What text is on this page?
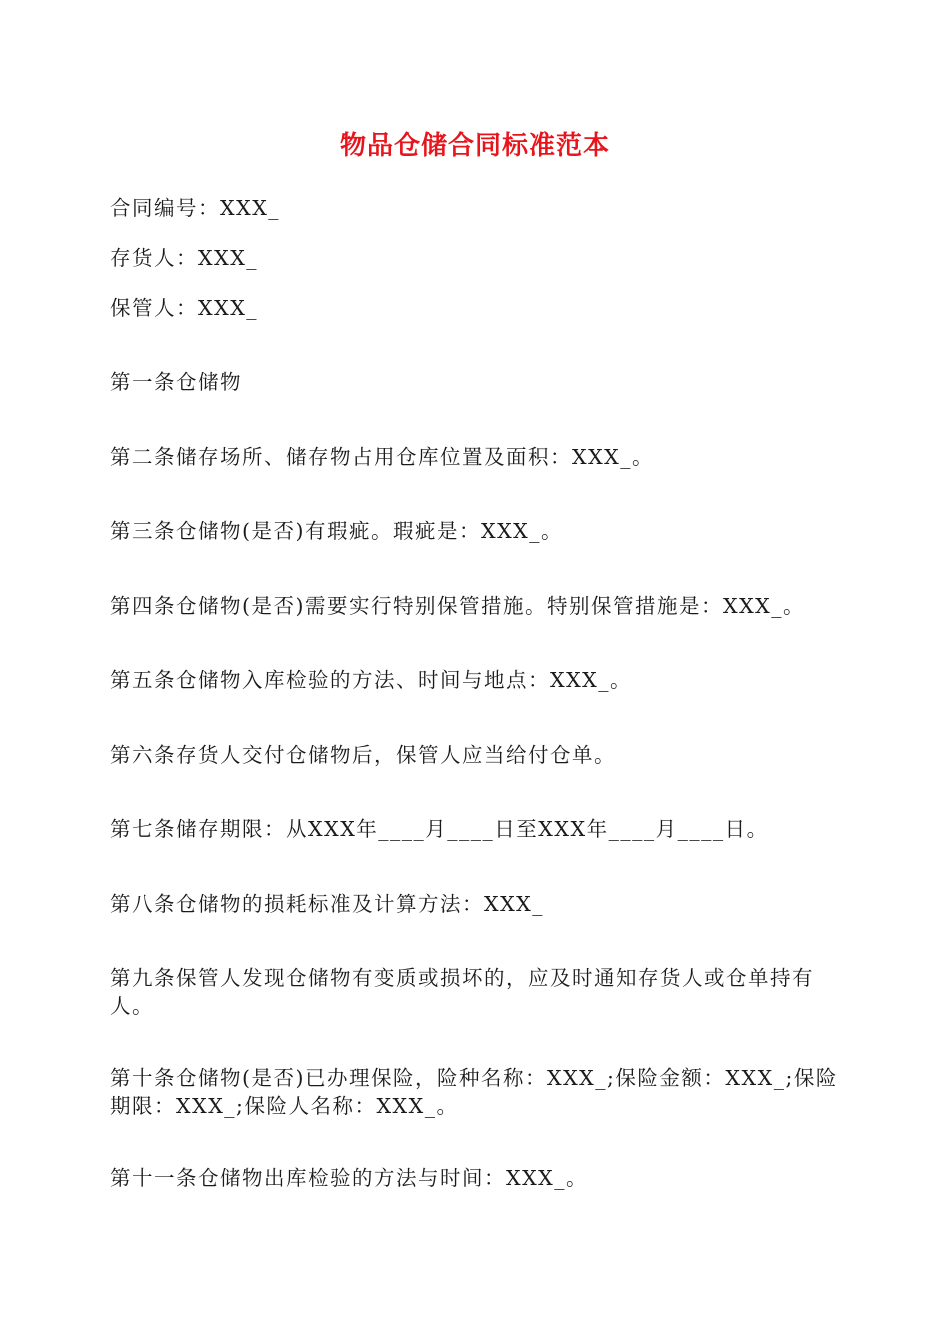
物品仓储合同标准范本
合同编号：XXX_
存货人：XXX_
保管人：XXX_
第一条仓储物
第二条储存场所、储存物占用仓库位置及面积：XXX_。
第三条仓储物(是否)有瑕疵。瑕疵是：XXX_。
第四条仓储物(是否)需要实行特别保管措施。特别保管措施是：XXX_。
第五条仓储物入库检验的方法、时间与地点：XXX_。
第六条存货人交付仓储物后，保管人应当给付仓单。
第七条储存期限：从XXX年____月____日至XXX年____月____日。
第八条仓储物的损耗标准及计算方法：XXX_
第九条保管人发现仓储物有变质或损坏的，应及时通知存货人或仓单持有人。
第十条仓储物(是否)已办理保险，险种名称：XXX_;保险金额：XXX_;保险期限：XXX_;保险人名称：XXX_。
第十一条仓储物出库检验的方法与时间：XXX_。
